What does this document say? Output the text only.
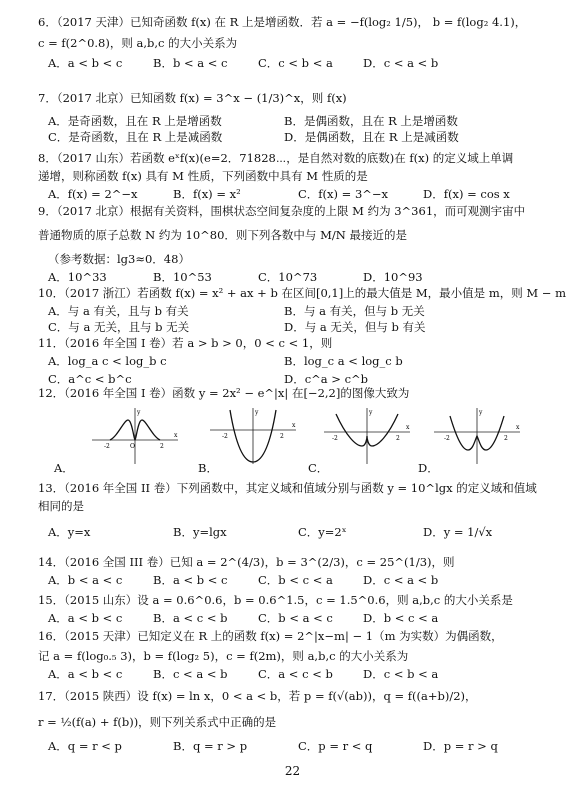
6．（2017 天津）已知奇函数 f(x) 在 R 上是增函数．若 a = −f(log₂ 1/5)， b = f(log₂ 4.1)，
c = f(2^0.8)，则 a,b,c 的大小关系为
A．a < b < c	B．b < a < c	C．c < b < a	D．c < a < b
7．（2017 北京）已知函数 f(x) = 3^x − (1/3)^x，则 f(x)
A．是奇函数，且在 R 上是增函数	B．是偶函数，且在 R 上是增函数
C．是奇函数，且在 R 上是减函数	D．是偶函数，且在 R 上是减函数
8．（2017 山东）若函数 eˣf(x)(e=2．71828⋯，是自然对数的底数)在 f(x) 的定义域上单调
递增，则称函数 f(x) 具有 M 性质，下列函数中具有 M 性质的是
A．f(x) = 2^−x	B．f(x) = x²	C．f(x) = 3^−x	D．f(x) = cos x
9．（2017 北京）根据有关资料，围棋状态空间复杂度的上限 M 约为 3^361，而可观测宇宙中
普通物质的原子总数 N 约为 10^80．则下列各数中与 M/N 最接近的是
（参考数据：lg3≈0．48）
A．10^33	B．10^53	C．10^73	D．10^93
10．（2017 浙江）若函数 f(x) = x² + ax + b 在区间[0,1]上的最大值是 M，最小值是 m，则 M − m
A．与 a 有关，且与 b 有关	B．与 a 有关，但与 b 无关
C．与 a 无关，且与 b 无关	D．与 a 无关，但与 b 有关
11．（2016 年全国 I 卷）若 a > b > 0，0 < c < 1，则
A．log_a c < log_b c	B．log_c a < log_c b
C．a^c < b^c	D．c^a > c^b
12．（2016 年全国 I 卷）函数 y = 2x² − e^|x| 在[−2,2]的图像大致为
A．
-2	2
x
y
O
B．
-2	2
x
y
C．
-2	2
x
y
D．
-2	2
x
y
13．（2016 年全国 II 卷）下列函数中，其定义域和值域分别与函数 y = 10^lgx 的定义域和值域
相同的是
A．y=x	B．y=lgx	C．y=2ˣ	D．y = 1/√x
14．（2016 全国 III 卷）已知 a = 2^(4/3)，b = 3^(2/3)，c = 25^(1/3)，则
A．b < a < c	B．a < b < c	C．b < c < a	D．c < a < b
15．（2015 山东）设 a = 0.6^0.6，b = 0.6^1.5，c = 1.5^0.6，则 a,b,c 的大小关系是
A．a < b < c	B．a < c < b	C．b < a < c	D．b < c < a
16．（2015 天津）已知定义在 R 上的函数 f(x) = 2^|x−m| − 1（m 为实数）为偶函数，
记 a = f(log₀.₅ 3)，b = f(log₂ 5)，c = f(2m)，则 a,b,c 的大小关系为
A．a < b < c	B．c < a < b	C．a < c < b	D．c < b < a
17．（2015 陕西）设 f(x) = ln x，0 < a < b，若 p = f(√(ab))，q = f((a+b)/2)，
r = ½(f(a) + f(b))，则下列关系式中正确的是
A．q = r < p	B．q = r > p	C．p = r < q	D．p = r > q
22
